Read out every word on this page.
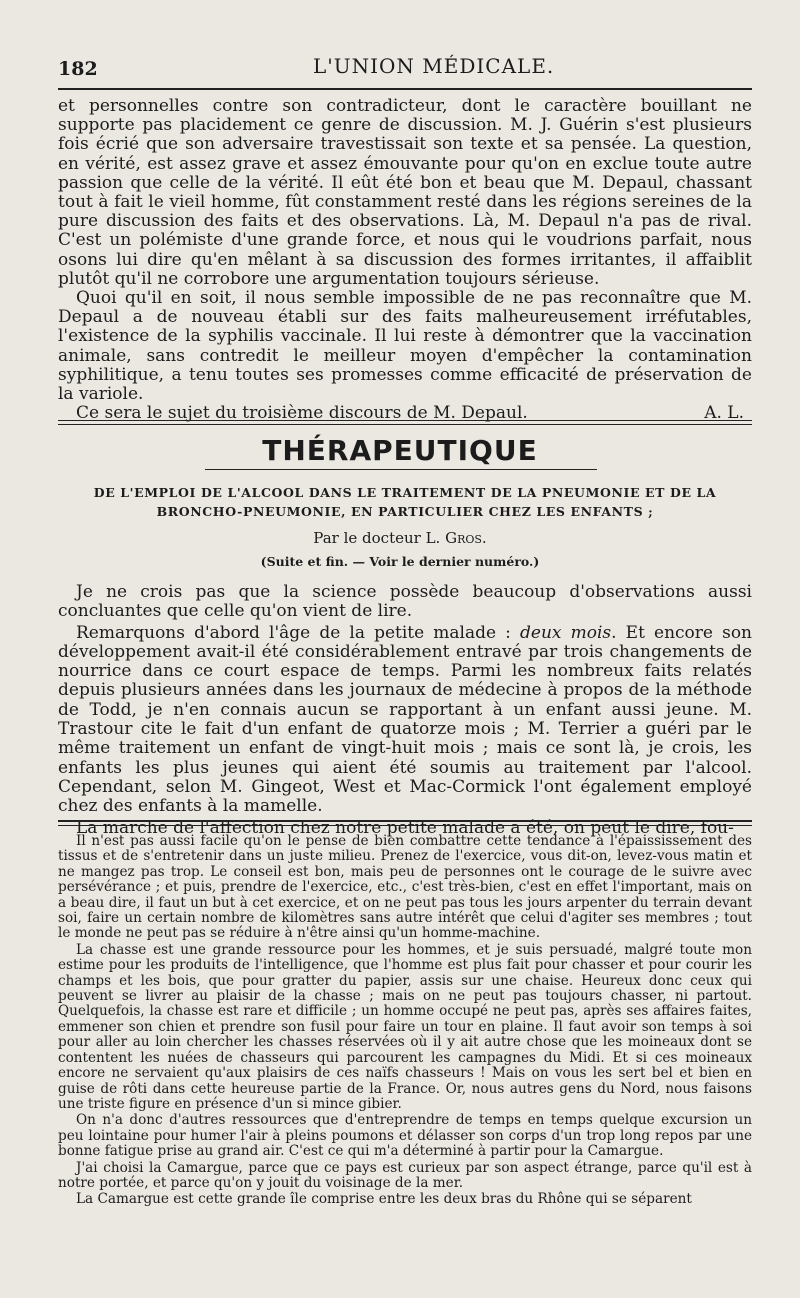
182	L'UNION MÉDICALE.

et personnelles contre son contradicteur, dont le caractère bouillant ne supporte pas placidement ce genre de discussion. M. J. Guérin s'est plusieurs fois écrié que son adversaire travestissait son texte et sa pensée. La question, en vérité, est assez grave et assez émouvante pour qu'on en exclue toute autre passion que celle de la vérité. Il eût été bon et beau que M. Depaul, chassant tout à fait le vieil homme, fût constamment resté dans les régions sereines de la pure discussion des faits et des observations. Là, M. Depaul n'a pas de rival. C'est un polémiste d'une grande force, et nous qui le voudrions parfait, nous osons lui dire qu'en mêlant à sa discussion des formes irritantes, il affaiblit plutôt qu'il ne corrobore une argumentation toujours sérieuse.

Quoi qu'il en soit, il nous semble impossible de ne pas reconnaître que M. Depaul a de nouveau établi sur des faits malheureusement irréfutables, l'existence de la syphilis vaccinale. Il lui reste à démontrer que la vaccination animale, sans contredit le meilleur moyen d'empêcher la contamination syphilitique, a tenu toutes ses promesses comme efficacité de préservation de la variole.

Ce sera le sujet du troisième discours de M. Depaul.	A. L.
THÉRAPEUTIQUE
DE L'EMPLOI DE L'ALCOOL DANS LE TRAITEMENT DE LA PNEUMONIE ET DE LA BRONCHO-PNEUMONIE, EN PARTICULIER CHEZ LES ENFANTS ;
Par le docteur L. Gros.
(Suite et fin. — Voir le dernier numéro.)

Je ne crois pas que la science possède beaucoup d'observations aussi concluantes que celle qu'on vient de lire.

Remarquons d'abord l'âge de la petite malade : deux mois. Et encore son développement avait-il été considérablement entravé par trois changements de nourrice dans ce court espace de temps. Parmi les nombreux faits relatés depuis plusieurs années dans les journaux de médecine à propos de la méthode de Todd, je n'en connais aucun se rapportant à un enfant aussi jeune. M. Trastour cite le fait d'un enfant de quatorze mois ; M. Terrier a guéri par le même traitement un enfant de vingt-huit mois ; mais ce sont là, je crois, les enfants les plus jeunes qui aient été soumis au traitement par l'alcool. Cependant, selon M. Gingeot, West et Mac-Cormick l'ont également employé chez des enfants à la mamelle.

La marche de l'affection chez notre petite malade a été, on peut le dire, fou-

Il n'est pas aussi facile qu'on le pense de bien combattre cette tendance à l'épaississement des tissus et de s'entretenir dans un juste milieu. Prenez de l'exercice, vous dit-on, levez-vous matin et ne mangez pas trop. Le conseil est bon, mais peu de personnes ont le courage de le suivre avec persévérance ; et puis, prendre de l'exercice, etc., c'est très-bien, c'est en effet l'important, mais on a beau dire, il faut un but à cet exercice, et on ne peut pas tous les jours arpenter du terrain devant soi, faire un certain nombre de kilomètres sans autre intérêt que celui d'agiter ses membres ; tout le monde ne peut pas se réduire à n'être ainsi qu'un homme-machine.

La chasse est une grande ressource pour les hommes, et je suis persuadé, malgré toute mon estime pour les produits de l'intelligence, que l'homme est plus fait pour chasser et pour courir les champs et les bois, que pour gratter du papier, assis sur une chaise. Heureux donc ceux qui peuvent se livrer au plaisir de la chasse ; mais on ne peut pas toujours chasser, ni partout. Quelquefois, la chasse est rare et difficile ; un homme occupé ne peut pas, après ses affaires faites, emmener son chien et prendre son fusil pour faire un tour en plaine. Il faut avoir son temps à soi pour aller au loin chercher les chasses réservées où il y ait autre chose que les moineaux dont se contentent les nuées de chasseurs qui parcourent les campagnes du Midi. Et si ces moineaux encore ne servaient qu'aux plaisirs de ces naïfs chasseurs ! Mais on vous les sert bel et bien en guise de rôti dans cette heureuse partie de la France. Or, nous autres gens du Nord, nous faisons une triste figure en présence d'un si mince gibier.

On n'a donc d'autres ressources que d'entreprendre de temps en temps quelque excursion un peu lointaine pour humer l'air à pleins poumons et délasser son corps d'un trop long repos par une bonne fatigue prise au grand air. C'est ce qui m'a déterminé à partir pour la Camargue.

J'ai choisi la Camargue, parce que ce pays est curieux par son aspect étrange, parce qu'il est à notre portée, et parce qu'on y jouit du voisinage de la mer.

La Camargue est cette grande île comprise entre les deux bras du Rhône qui se séparent
